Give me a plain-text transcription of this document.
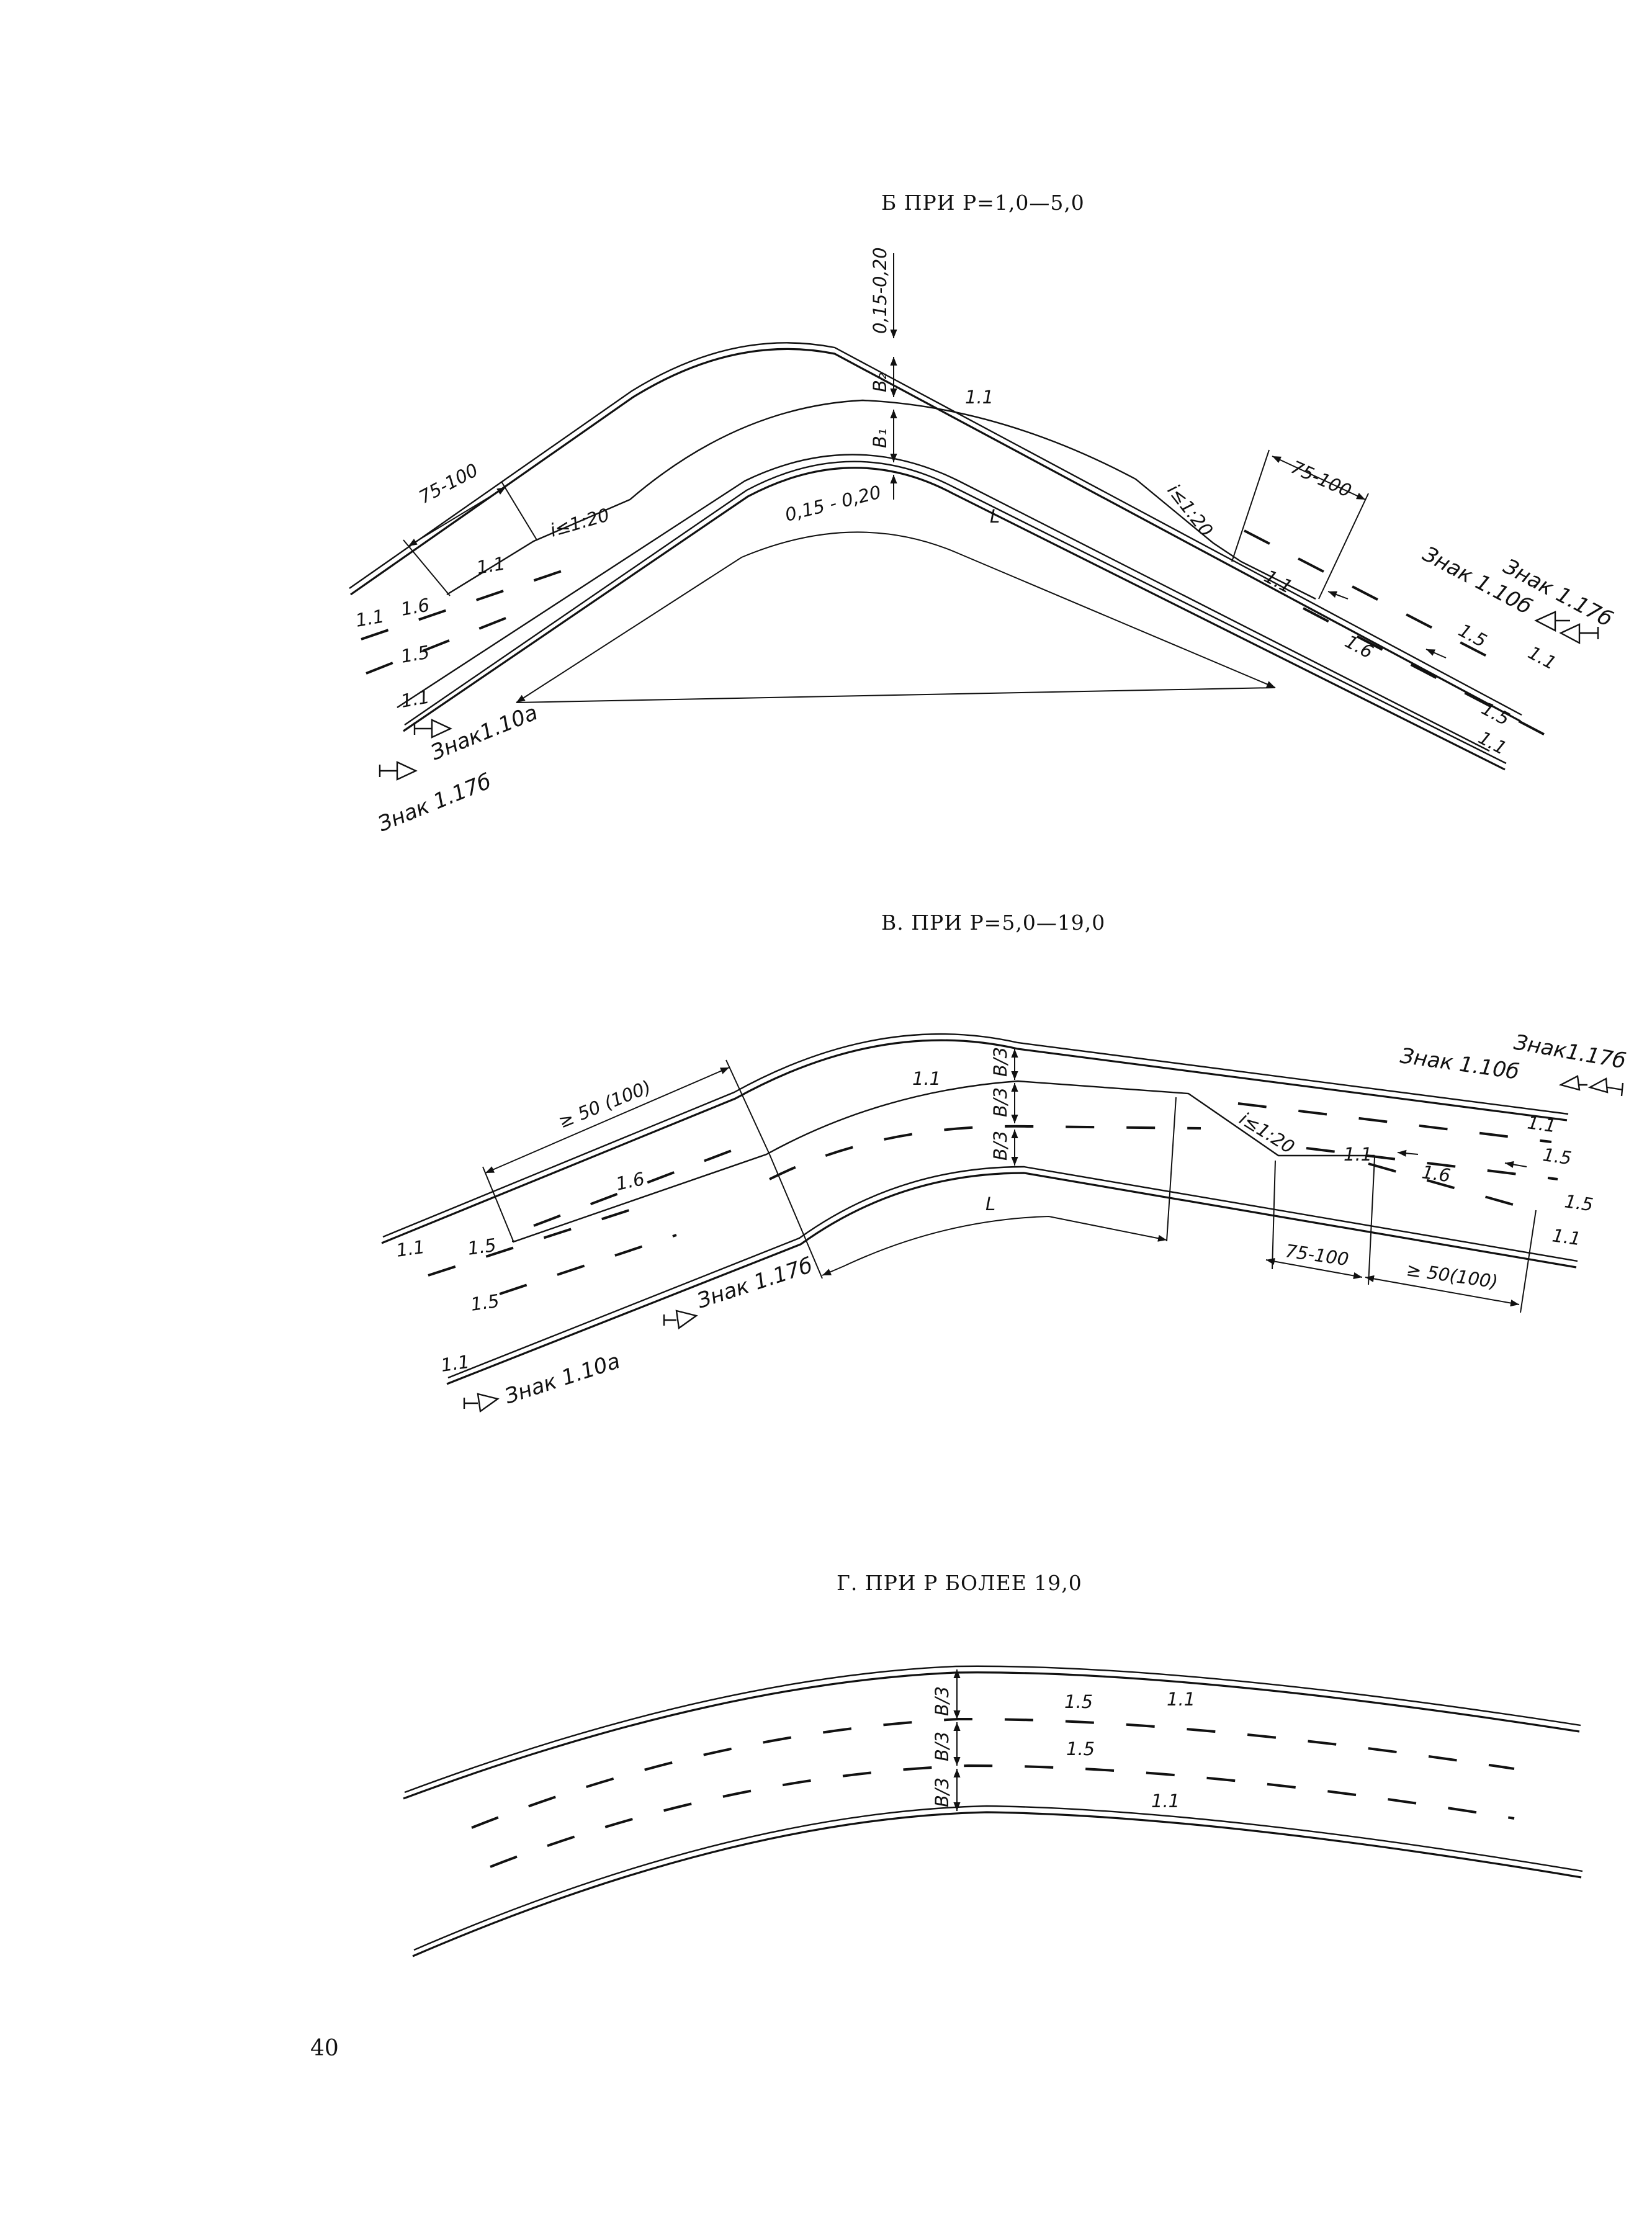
Б ПРИ P=1,0—5,0
0,15-0,20
B₂
B₁
0,15 - 0,20
1.1
75-100
i≤1:20
75-100
i≤1:20
L
1.1 1.6
1.5
1.1
1.1
1.1
1.6	1.5
1.1
1.5
1.1
Знак1.10а
Знак 1.17б
Знак 1.10б
Знак 1.17б
В. ПРИ P=5,0—19,0
B/3
B/3
B/3
1.1
i≤1:20
≥ 50 (100)
L
75-100
≥ 50(100)
1.1
1.6
1.5
1.5
1.1
1.1
1.6
1.1
1.5
1.5
1.1
Знак 1.17б
Знак 1.10а
Знак 1.10б
Знак1.17б
Г. ПРИ P БОЛЕЕ 19,0
B/3
B/3
B/3
1.5
1.5
1.1
1.1
40
